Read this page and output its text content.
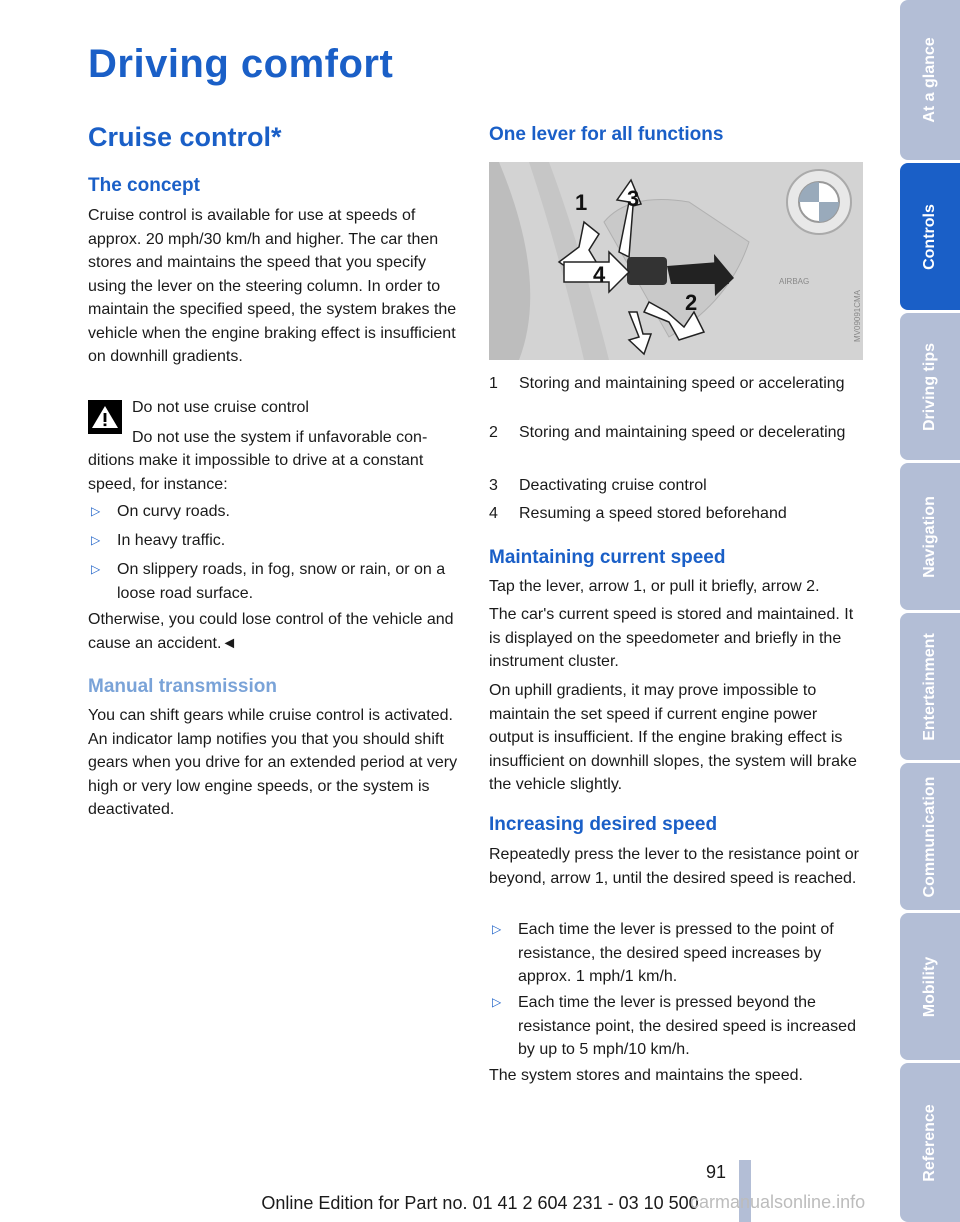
Driving comfort
Cruise control*
The concept
Cruise control is available for use at speeds of approx. 20 mph/30 km/h and higher. The car then stores and maintains the speed that you specify using the lever on the steering column. In order to maintain the specified speed, the system brakes the vehicle when the engine braking effect is insufficient on downhill gradients.
Do not use cruise control
Do not use the system if unfavorable con-
ditions make it impossible to drive at a constant speed, for instance:
▷ On curvy roads.
▷ In heavy traffic.
▷ On slippery roads, in fog, snow or rain, or on a loose road surface.
Otherwise, you could lose control of the vehicle and cause an accident.◄
Manual transmission
You can shift gears while cruise control is activated. An indicator lamp notifies you that you should shift gears when you drive for an extended period at very high or very low engine speeds, or the system is deactivated.
One lever for all functions
AIRBAG
1
2
3
4
MV09091CMA
1 Storing and maintaining speed or accelerating
2 Storing and maintaining speed or decelerating
3 Deactivating cruise control
4 Resuming a speed stored beforehand
Maintaining current speed
Tap the lever, arrow 1, or pull it briefly, arrow 2.
The car's current speed is stored and maintained. It is displayed on the speedometer and briefly in the instrument cluster.
On uphill gradients, it may prove impossible to maintain the set speed if current engine power output is insufficient. If the engine braking effect is insufficient on downhill slopes, the system will brake the vehicle slightly.
Increasing desired speed
Repeatedly press the lever to the resistance point or beyond, arrow 1, until the desired speed is reached.
▷ Each time the lever is pressed to the point of resistance, the desired speed increases by approx. 1 mph/1 km/h.
▷ Each time the lever is pressed beyond the resistance point, the desired speed is increased by up to 5 mph/10 km/h.
The system stores and maintains the speed.
At a glance
Controls
Driving tips
Navigation
Entertainment
Communication
Mobility
Reference
91
Online Edition for Part no. 01 41 2 604 231 - 03 10 500
carmanualsonline.info
